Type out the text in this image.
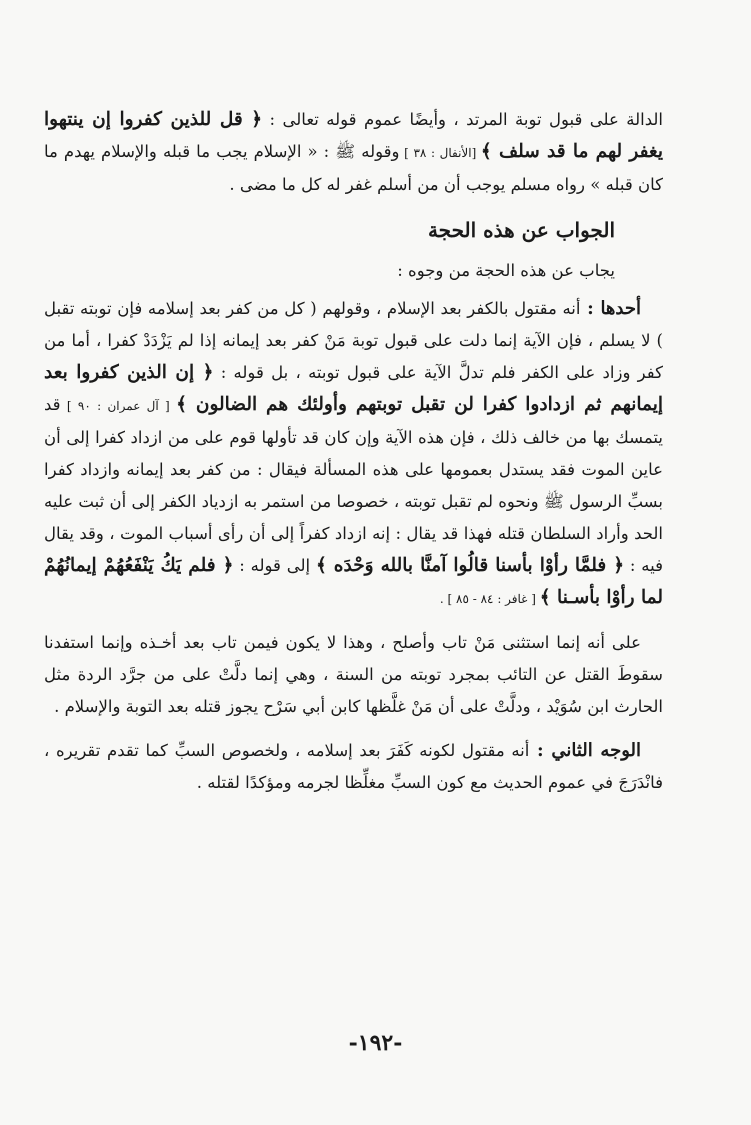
الدالة على قبول توبة المرتد ، وأيضًا عموم قوله تعالى : ﴿ قل للذين كفروا إن ينتهوا يغفر لهم ما قد سلف ﴾ [الأنفال : ٣٨ ] وقوله ﷺ : « الإسلام يجب ما قبله والإسلام يهدم ما كان قبله » رواه مسلم يوجب أن من أسلم غفر له كل ما مضى .

الجواب عن هذه الحجة

يجاب عن هذه الحجة من وجوه :

أحدها : أنه مقتول بالكفر بعد الإسلام ، وقولهم ( كل من كفر بعد إسلامه فإن توبته تقبل ) لا يسلم ، فإن الآية إنما دلت على قبول توبة مَنْ كفر بعد إيمانه إذا لم يَزْدَدْ كفرا ، أما من كفر وزاد على الكفر فلم تدلَّ الآية على قبول توبته ، بل قوله : ﴿ إن الذين كفروا بعد إيمانهم ثم ازدادوا كفرا لن تقبل توبتهم وأولئك هم الضالون ﴾ [ آل عمران : ٩٠ ] قد يتمسك بها من خالف ذلك ، فإن هذه الآية وإن كان قد تأولها قوم على من ازداد كفرا إلى أن عاين الموت فقد يستدل بعمومها على هذه المسألة فيقال : من كفر بعد إيمانه وازداد كفرا بسبِّ الرسول ﷺ ونحوه لم تقبل توبته ، خصوصا من استمر به ازدياد الكفر إلى أن ثبت عليه الحد وأراد السلطان قتله فهذا قد يقال : إنه ازداد كفراً إلى أن رأى أسباب الموت ، وقد يقال فيه : ﴿ فلمَّا رأوْا بأسنا قالُوا آمنَّا بالله وَحْدَه ﴾ إلى قوله : ﴿ فلم يَكُ يَنْفَعُهُمْ إيمانُهُمْ لما رأوْا بأسـنا ﴾ [ غافر : ٨٤ - ٨٥ ] .

على أنه إنما استثنى مَنْ تاب وأصلح ، وهذا لا يكون فيمن تاب بعد أخـذه وإنما استفدنا سقوطَ القتل عن التائب بمجرد توبته من السنة ، وهي إنما دلَّتْ على من جرَّد الردة مثل الحارث ابن سُوَيْد ، ودلَّتْ على أن مَنْ غلَّظها كابن أبي سَرْح يجوز قتله بعد التوبة والإسلام .

الوجه الثاني : أنه مقتول لكونه كَفَرَ بعد إسلامه ، ولخصوص السبِّ كما تقدم تقريره ، فانْدَرَجَ في عموم الحديث مع كون السبِّ مغلِّظا لجرمه ومؤكدًا لقتله .

-١٩٢-
